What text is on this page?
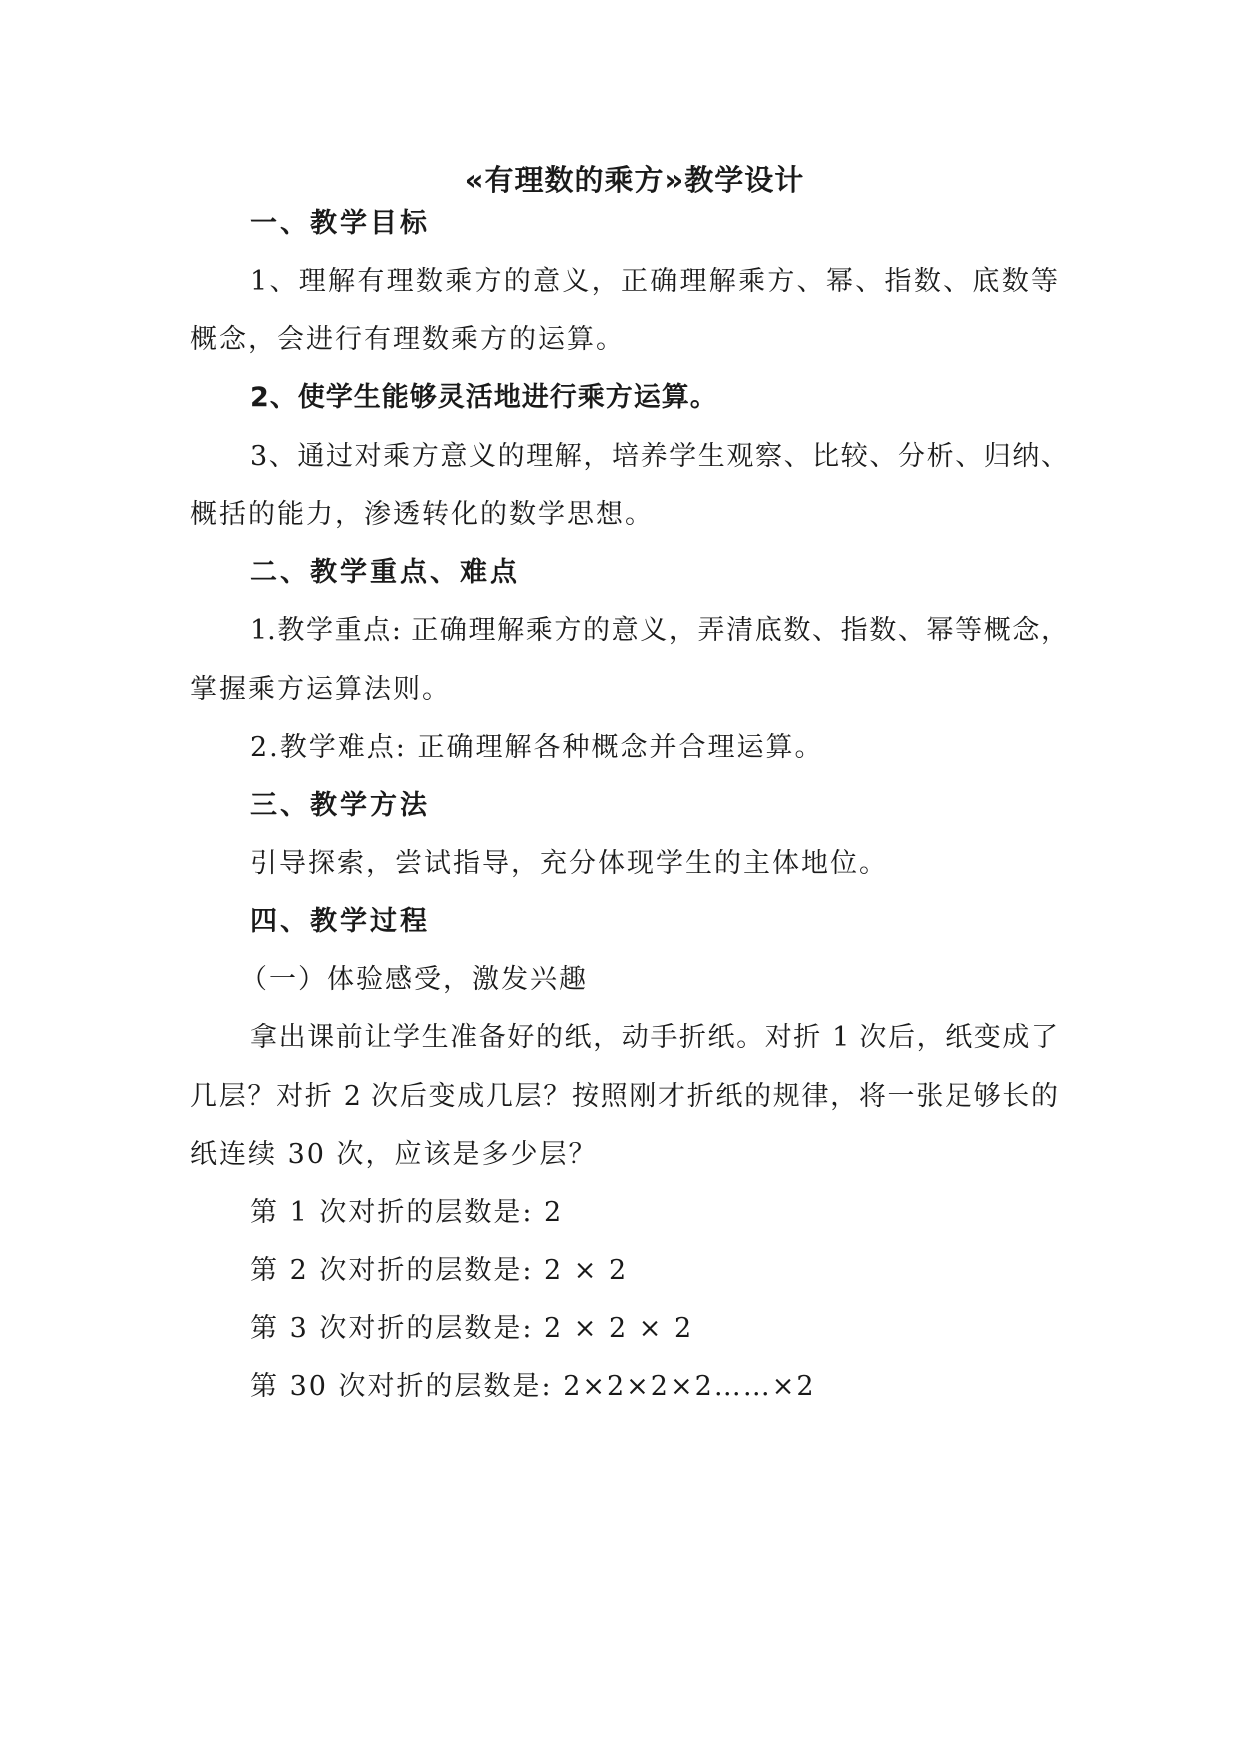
«有理数的乘方»教学设计
一、教学目标
1、理解有理数乘方的意义，正确理解乘方、幂、指数、底数等
概念，会进行有理数乘方的运算。
2、使学生能够灵活地进行乘方运算。
3、通过对乘方意义的理解，培养学生观察、比较、分析、归纳、
概括的能力，渗透转化的数学思想。
二、教学重点、难点
1.教学重点: 正确理解乘方的意义，弄清底数、指数、幂等概念，
掌握乘方运算法则。
2.教学难点: 正确理解各种概念并合理运算。
三、教学方法
引导探索，尝试指导，充分体现学生的主体地位。
四、教学过程
（一）体验感受，激发兴趣
拿出课前让学生准备好的纸，动手折纸。对折 1 次后，纸变成了
几层？对折 2 次后变成几层？按照刚才折纸的规律，将一张足够长的
纸连续 30 次，应该是多少层？
第 1 次对折的层数是: 2
第 2 次对折的层数是: 2 × 2
第 3 次对折的层数是: 2 × 2 × 2
第 30 次对折的层数是: 2×2×2×2……×2
